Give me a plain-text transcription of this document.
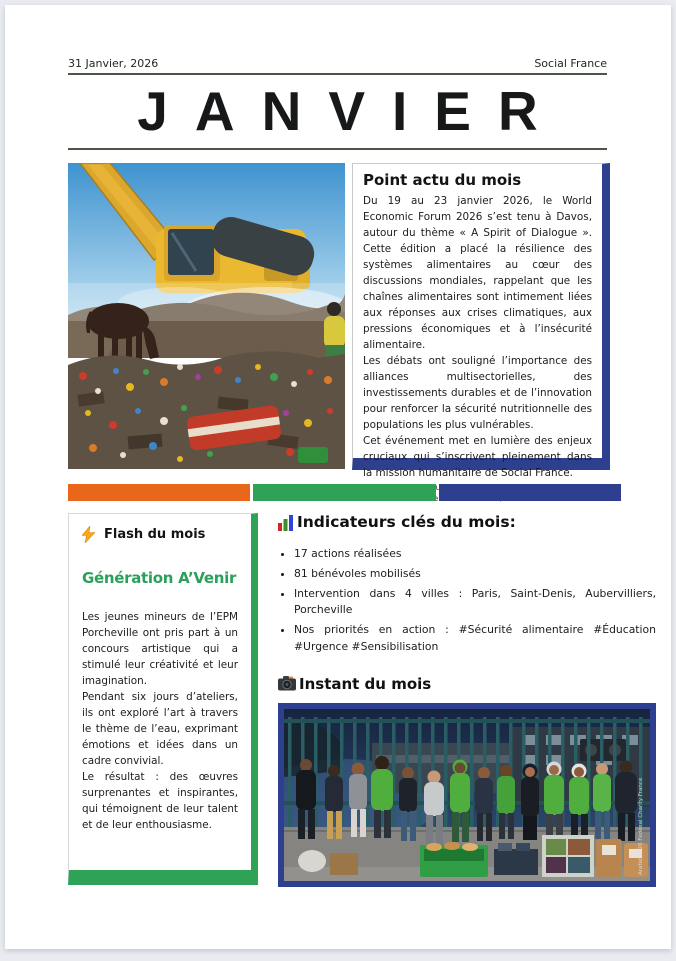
31 Janvier, 2026	Social France
JANVIER
Point actu du mois

Du 19 au 23 janvier 2026, le World Economic Forum 2026 s’est tenu à Davos, autour du thème « A Spirit of Dialogue ». Cette édition a placé la résilience des systèmes alimentaires au cœur des discussions mondiales, rappelant que les chaînes alimentaires sont intimement liées aux réponses aux crises climatiques, aux pressions économiques et à l’insécurité alimentaire.

Les débats ont souligné l’importance des alliances multisectorielles, des investissements durables et de l’innovation pour renforcer la sécurité nutritionnelle des populations les plus vulnérables.

Cet événement met en lumière des enjeux cruciaux qui s’inscrivent pleinement dans la mission humanitaire de Social France.

Flash du mois
Génération A’Venir

Les jeunes mineurs de l’EPM Porcheville ont pris part à un concours artistique qui a stimulé leur créativité et leur imagination.

Pendant six jours d’ateliers, ils ont exploré l’art à travers le thème de l’eau, exprimant émotions et idées dans un cadre convivial.

Le résultat : des œuvres surprenantes et inspirantes, qui témoignent de leur talent et de leur enthousiasme.

Indicateurs clés du mois:
• 17 actions réalisées
• 81 bénévoles mobilisés
• Intervention dans 4 villes : Paris, Saint-Denis, Aubervilliers, Porcheville
• Nos priorités en action : #Sécurité alimentaire #Éducation #Urgence #Sensibilisation
Instant du mois
Arafat 2026 Fedexal Charity France
